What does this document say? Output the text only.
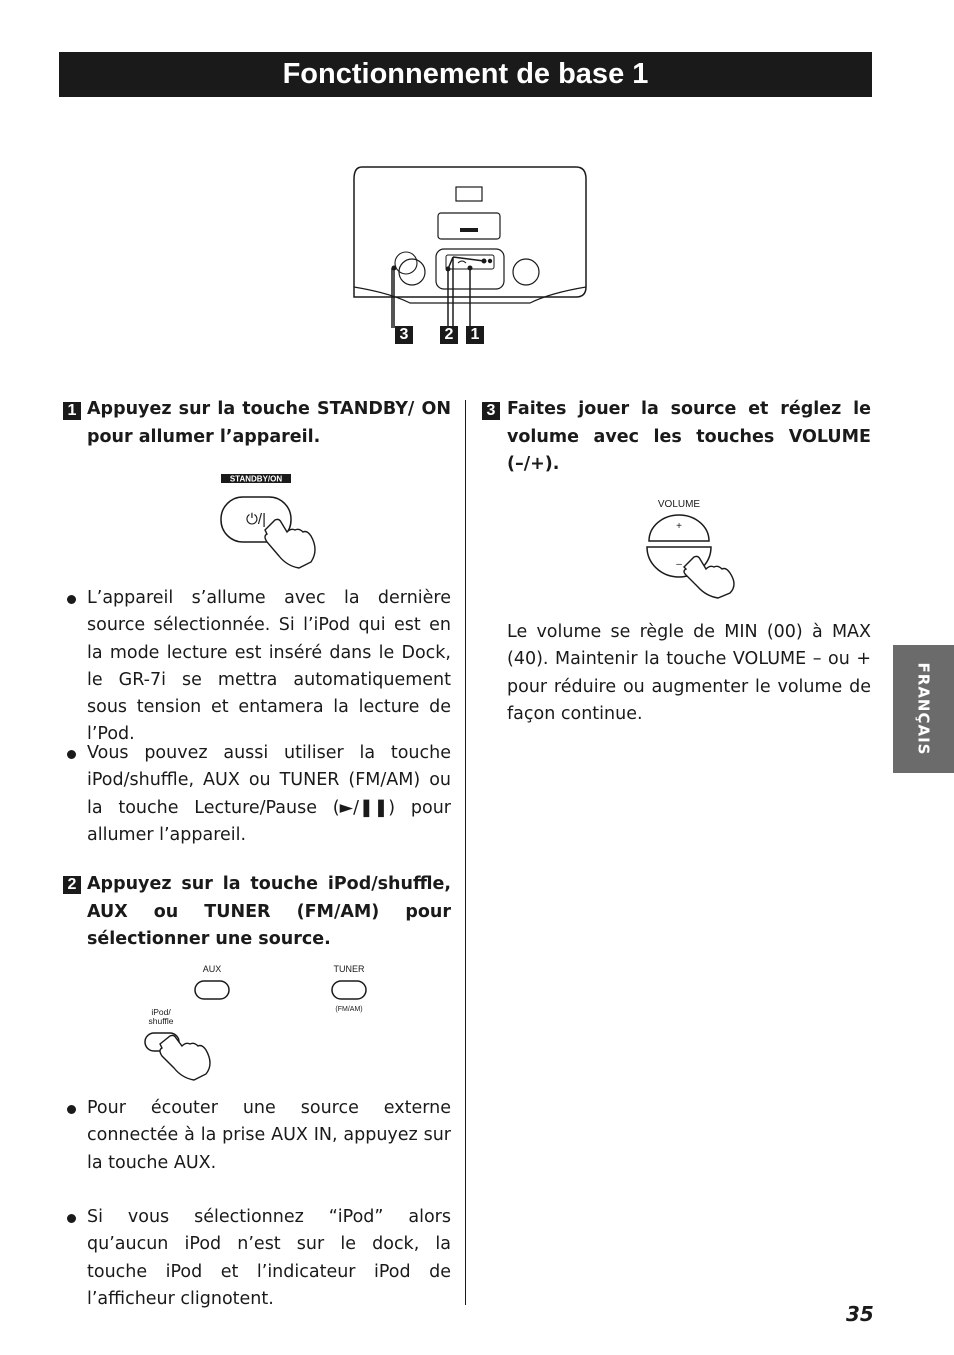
Fonctionnement de base 1
3 2 1
1 Appuyez sur la touche STANDBY/ ON pour allumer l’appareil.
STANDBY/ON
⏻/|
L’appareil s’allume avec la dernière source sélectionnée. Si l’iPod qui est en la mode lecture est inséré dans le Dock, le GR-7i se mettra automatiquement sous tension et entamera la lecture de l’Pod.
Vous pouvez aussi utiliser la touche iPod/shuffle, AUX ou TUNER (FM/AM) ou la touche Lecture/Pause (►/❚❚) pour allumer l’appareil.
2 Appuyez sur la touche iPod/shuffle, AUX ou TUNER (FM/AM) pour sélectionner une source.
AUX	TUNER
(FM/AM)
iPod/
shuffle
Pour écouter une source externe connectée à la prise AUX IN, appuyez sur la touche AUX.
Si vous sélectionnez “iPod” alors qu’aucun iPod n’est sur le dock, la touche iPod et l’indicateur iPod de l’afficheur clignotent.
3 Faites jouer la source et réglez le volume avec les touches VOLUME (–/+).
VOLUME
+
–
Le volume se règle de MIN (00) à MAX (40). Maintenir la touche VOLUME – ou + pour réduire ou augmenter le volume de façon continue.	FRANÇAIS
35
